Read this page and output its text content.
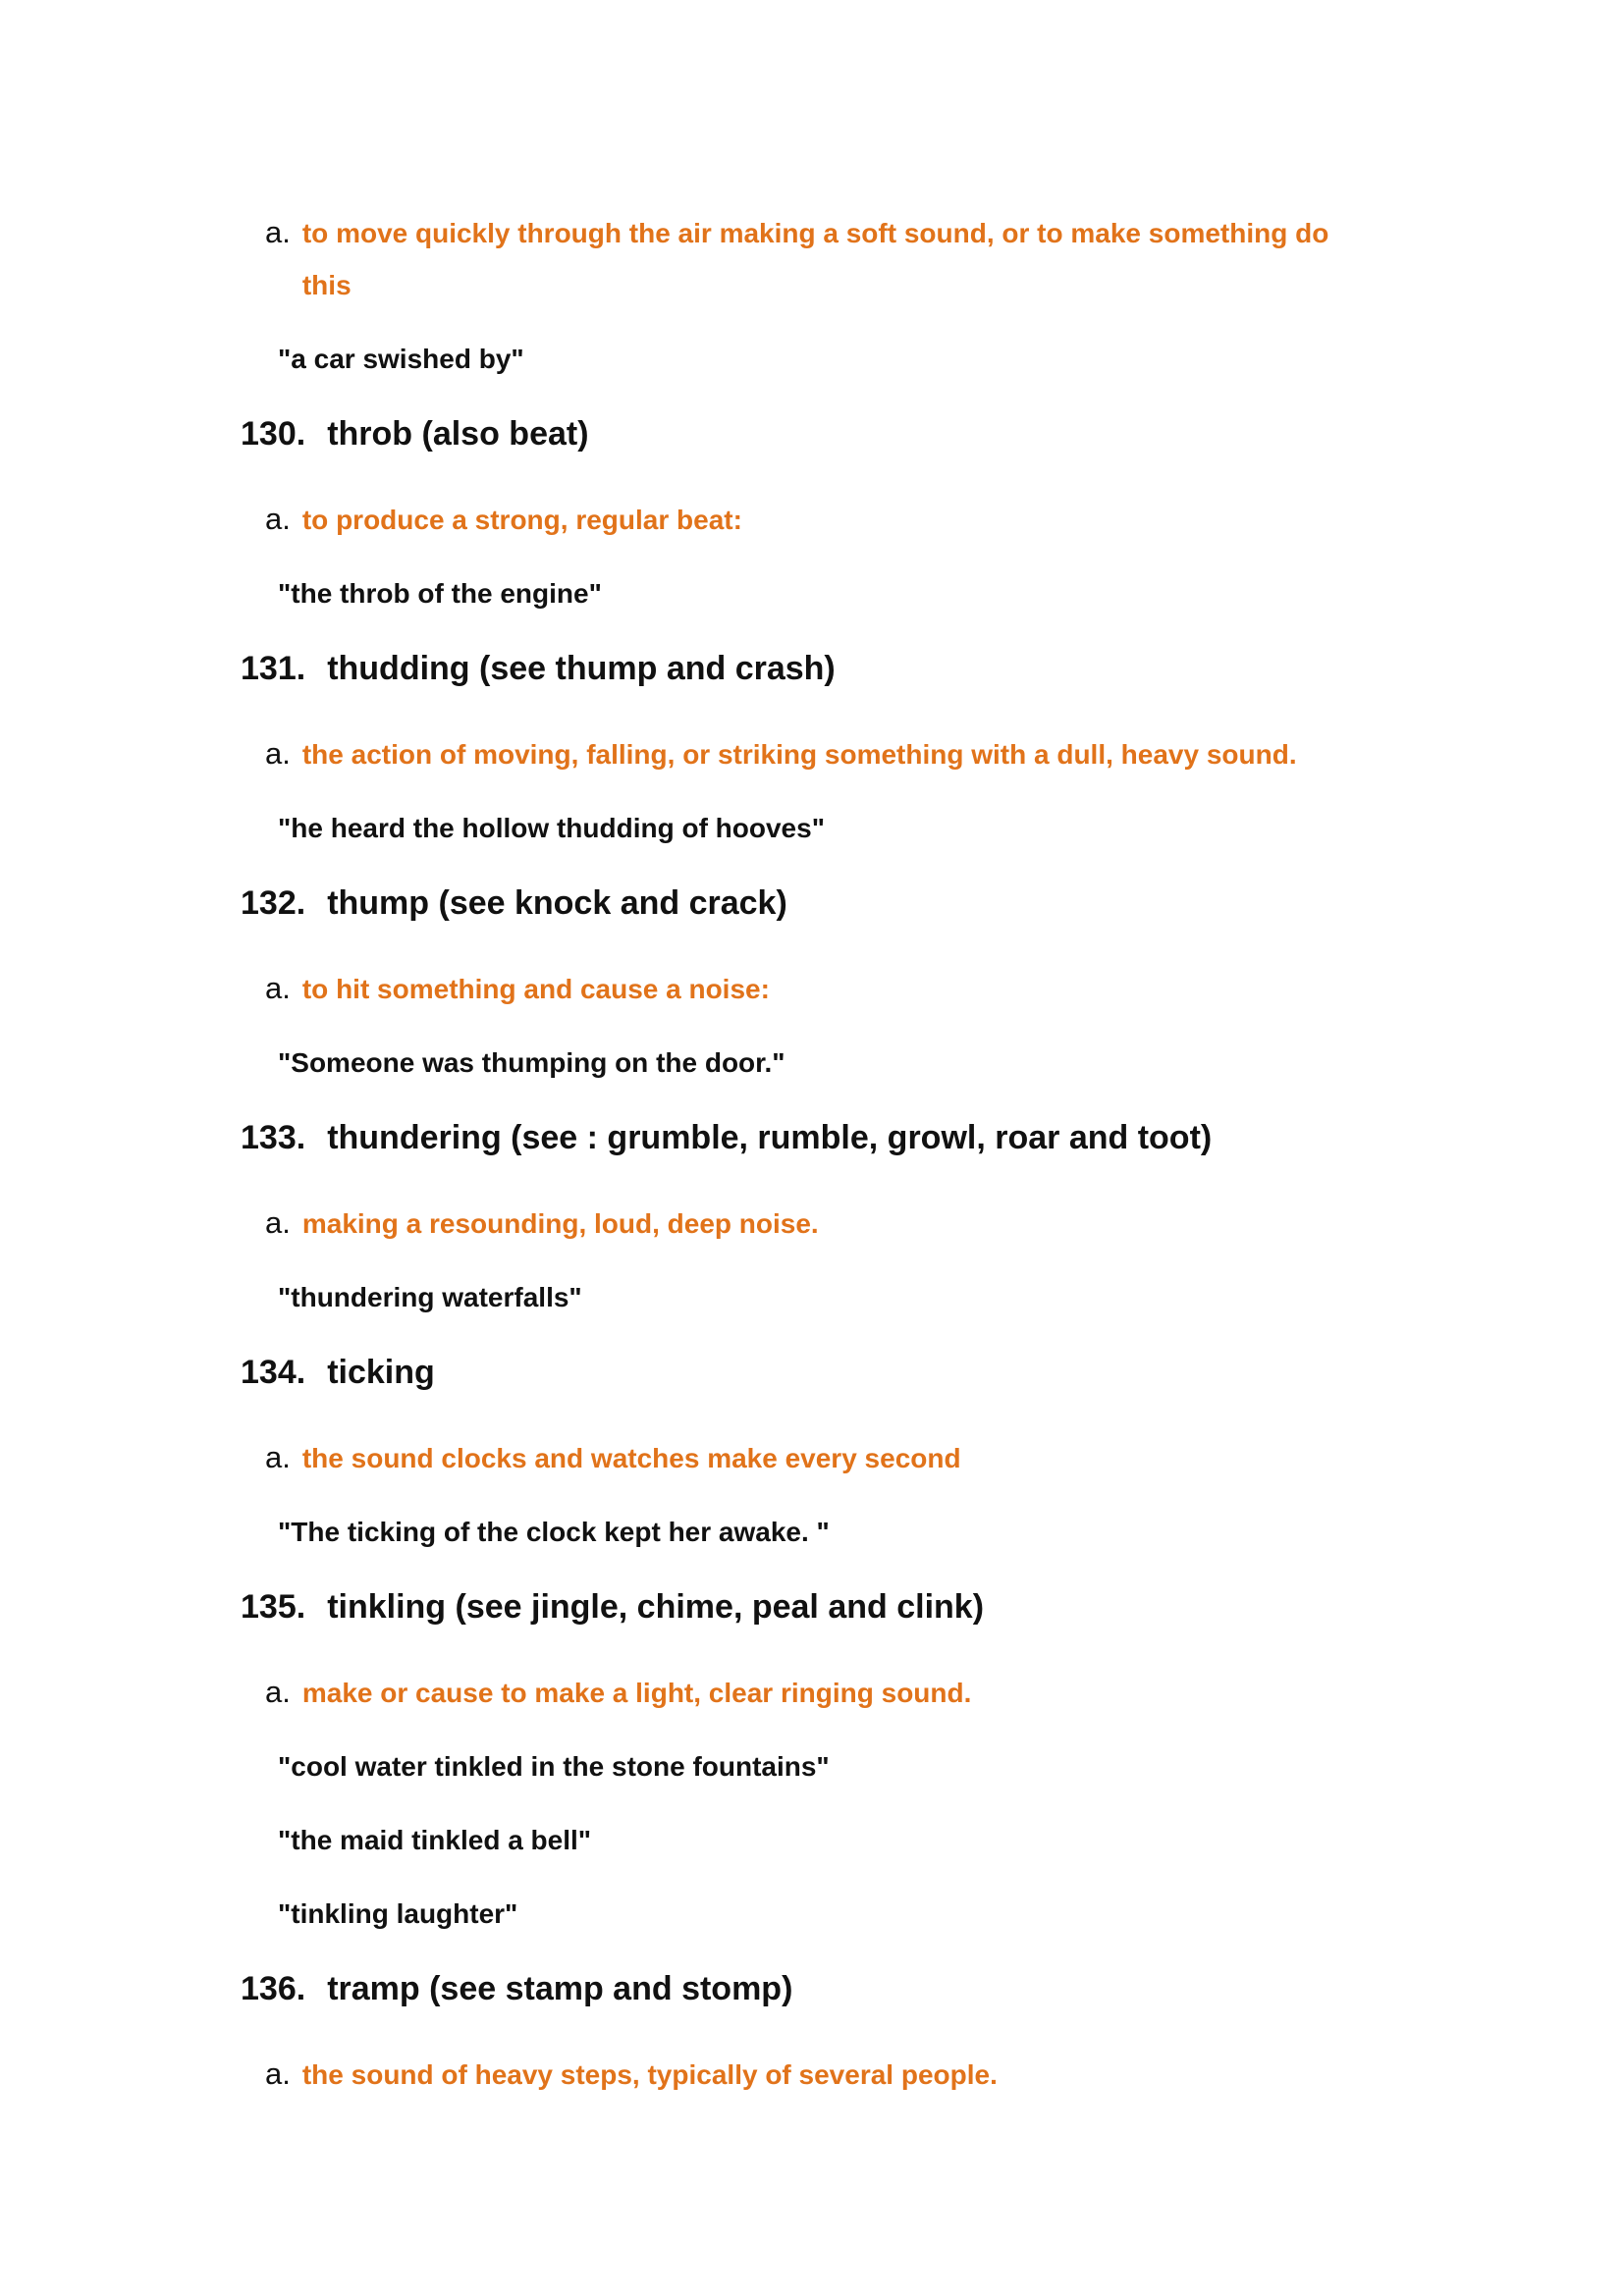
a. to move quickly through the air making a soft sound, or to make something do this

"a car swished by"

130. throb (also beat)
a. to produce a strong, regular beat:

"the throb of the engine"

131. thudding (see thump and crash)
a. the action of moving, falling, or striking something with a dull, heavy sound.

"he heard the hollow thudding of hooves"

132. thump (see knock and crack)
a. to hit something and cause a noise:

"Someone was thumping on the door."

133. thundering (see : grumble, rumble, growl, roar and toot)
a. making a resounding, loud, deep noise.

"thundering waterfalls"

134. ticking
a. the sound clocks and watches make every second

"The ticking of the clock kept her awake. "

135. tinkling (see jingle, chime, peal and clink)
a. make or cause to make a light, clear ringing sound.

"cool water tinkled in the stone fountains"

"the maid tinkled a bell"

"tinkling laughter"

136. tramp (see stamp and stomp)
a. the sound of heavy steps, typically of several people.
